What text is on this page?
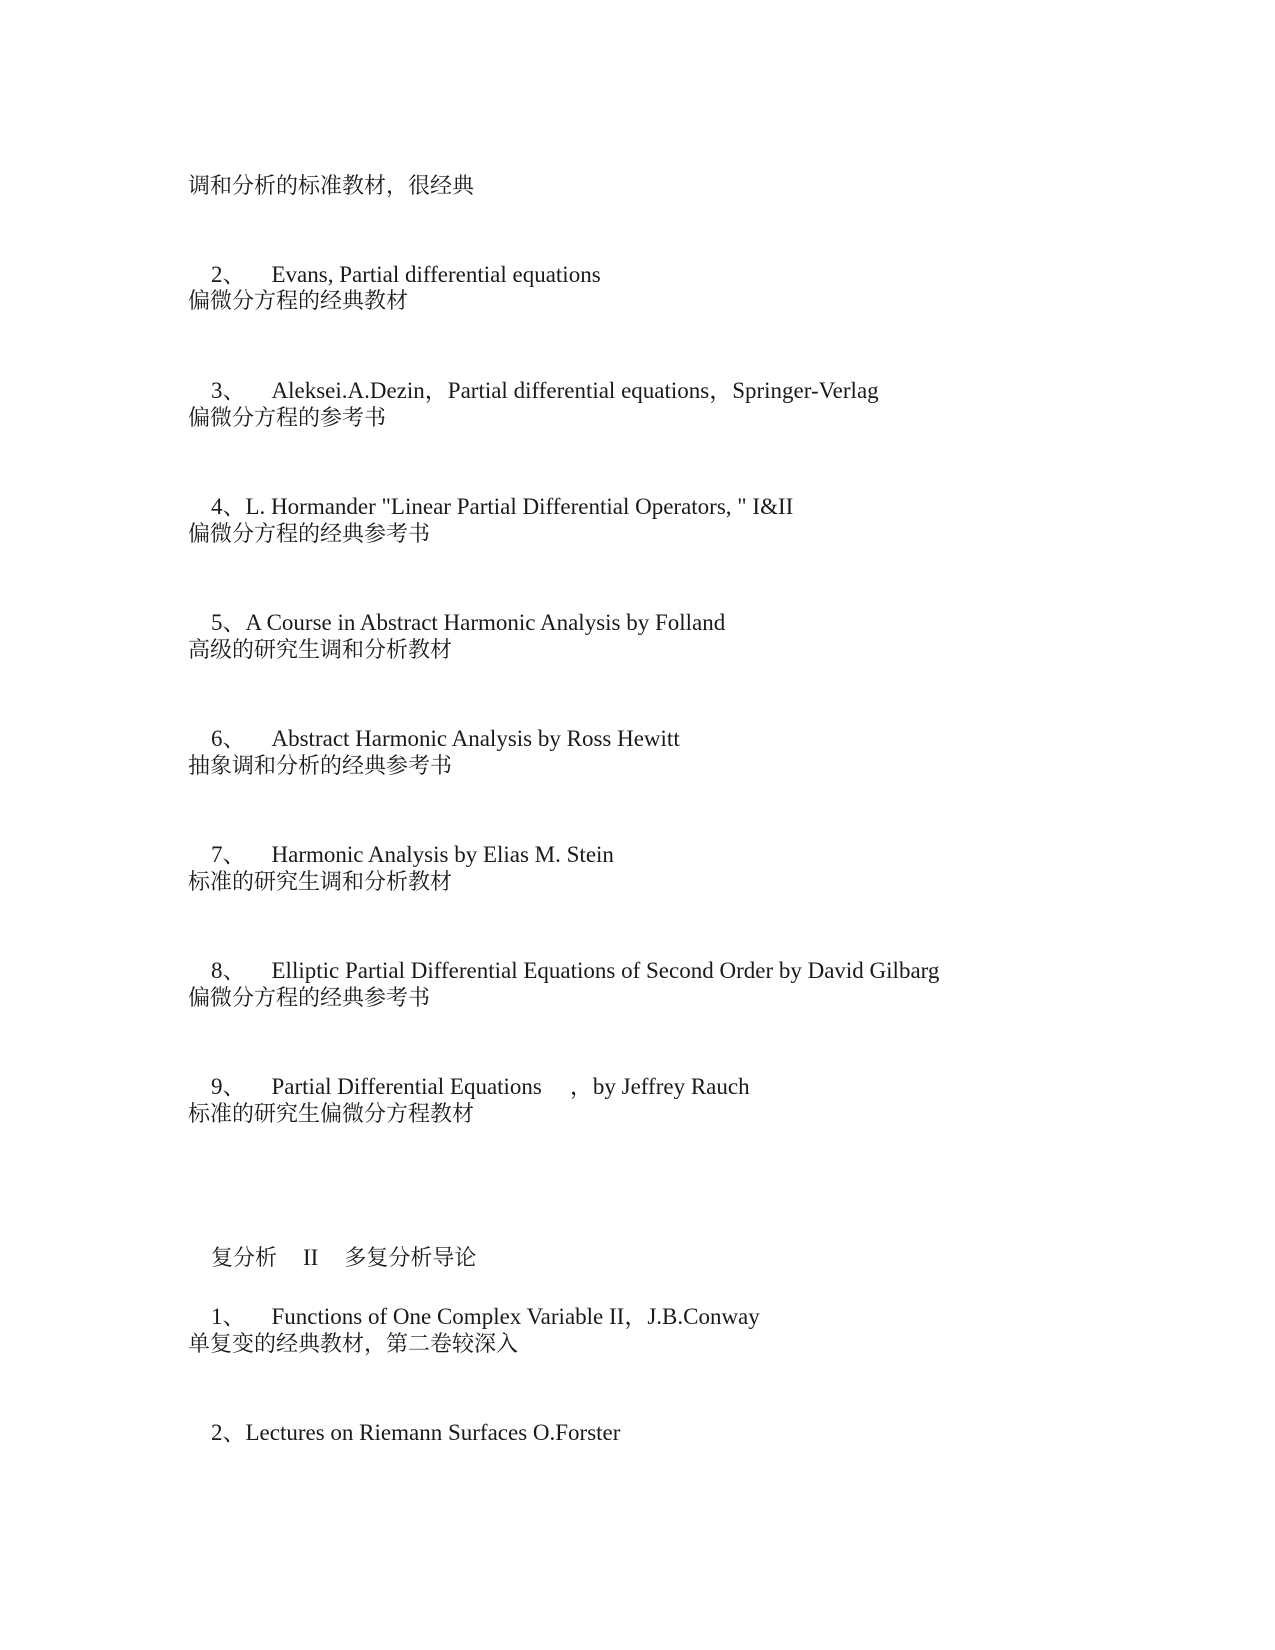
调和分析的标准教材，很经典

2、 Evans, Partial differential equations

偏微分方程的经典教材

3、 Aleksei.A.Dezin，Partial differential equations，Springer-Verlag

偏微分方程的参考书

4、L. Hormander "Linear Partial Differential Operators, " I&II

偏微分方程的经典参考书

5、A Course in Abstract Harmonic Analysis by Folland

高级的研究生调和分析教材

6、 Abstract Harmonic Analysis by Ross Hewitt

抽象调和分析的经典参考书

7、 Harmonic Analysis by Elias M. Stein

标准的研究生调和分析教材

8、 Elliptic Partial Differential Equations of Second Order by David Gilbarg

偏微分方程的经典参考书

9、 Partial Differential Equations ，by Jeffrey Rauch

标准的研究生偏微分方程教材

复分析 II 多复分析导论

1、 Functions of One Complex Variable II，J.B.Conway

单复变的经典教材，第二卷较深入

2、Lectures on Riemann Surfaces O.Forster
